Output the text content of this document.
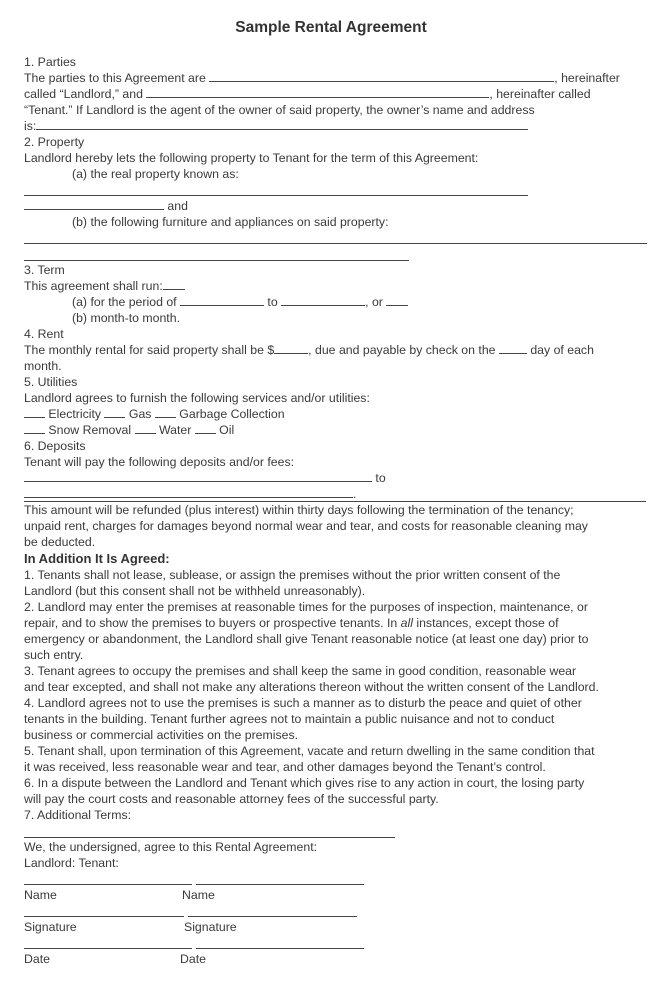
Sample Rental Agreement
1. Parties
The parties to this Agreement are	, hereinafter
called “Landlord,” and	, hereinafter called
“Tenant.” If Landlord is the agent of the owner of said property, the owner’s name and address
is:
2. Property
Landlord hereby lets the following property to Tenant for the term of this Agreement:
(a) the real property known as:
and
(b) the following furniture and appliances on said property:
3. Term
This agreement shall run:
(a) for the period of	to	, or
(b) month-to month.
4. Rent
The monthly rental for said property shall be $	, due and payable by check on the	day of each
month.
5. Utilities
Landlord agrees to furnish the following services and/or utilities:
Electricity Gas Garbage Collection
Snow Removal Water Oil
6. Deposits
Tenant will pay the following deposits and/or fees:
to
.
This amount will be refunded (plus interest) within thirty days following the termination of the tenancy;
unpaid rent, charges for damages beyond normal wear and tear, and costs for reasonable cleaning may
be deducted.
In Addition It Is Agreed:
1. Tenants shall not lease, sublease, or assign the premises without the prior written consent of the
Landlord (but this consent shall not be withheld unreasonably).
2. Landlord may enter the premises at reasonable times for the purposes of inspection, maintenance, or
repair, and to show the premises to buyers or prospective tenants. In all instances, except those of
emergency or abandonment, the Landlord shall give Tenant reasonable notice (at least one day) prior to
such entry.
3. Tenant agrees to occupy the premises and shall keep the same in good condition, reasonable wear
and tear excepted, and shall not make any alterations thereon without the written consent of the Landlord.
4. Landlord agrees not to use the premises is such a manner as to disturb the peace and quiet of other
tenants in the building. Tenant further agrees not to maintain a public nuisance and not to conduct
business or commercial activities on the premises.
5. Tenant shall, upon termination of this Agreement, vacate and return dwelling in the same condition that
it was received, less reasonable wear and tear, and other damages beyond the Tenant’s control.
6. In a dispute between the Landlord and Tenant which gives rise to any action in court, the losing party
will pay the court costs and reasonable attorney fees of the successful party.
7. Additional Terms:
We, the undersigned, agree to this Rental Agreement:
Landlord: Tenant:
Name	Name
Signature	Signature
Date	Date
